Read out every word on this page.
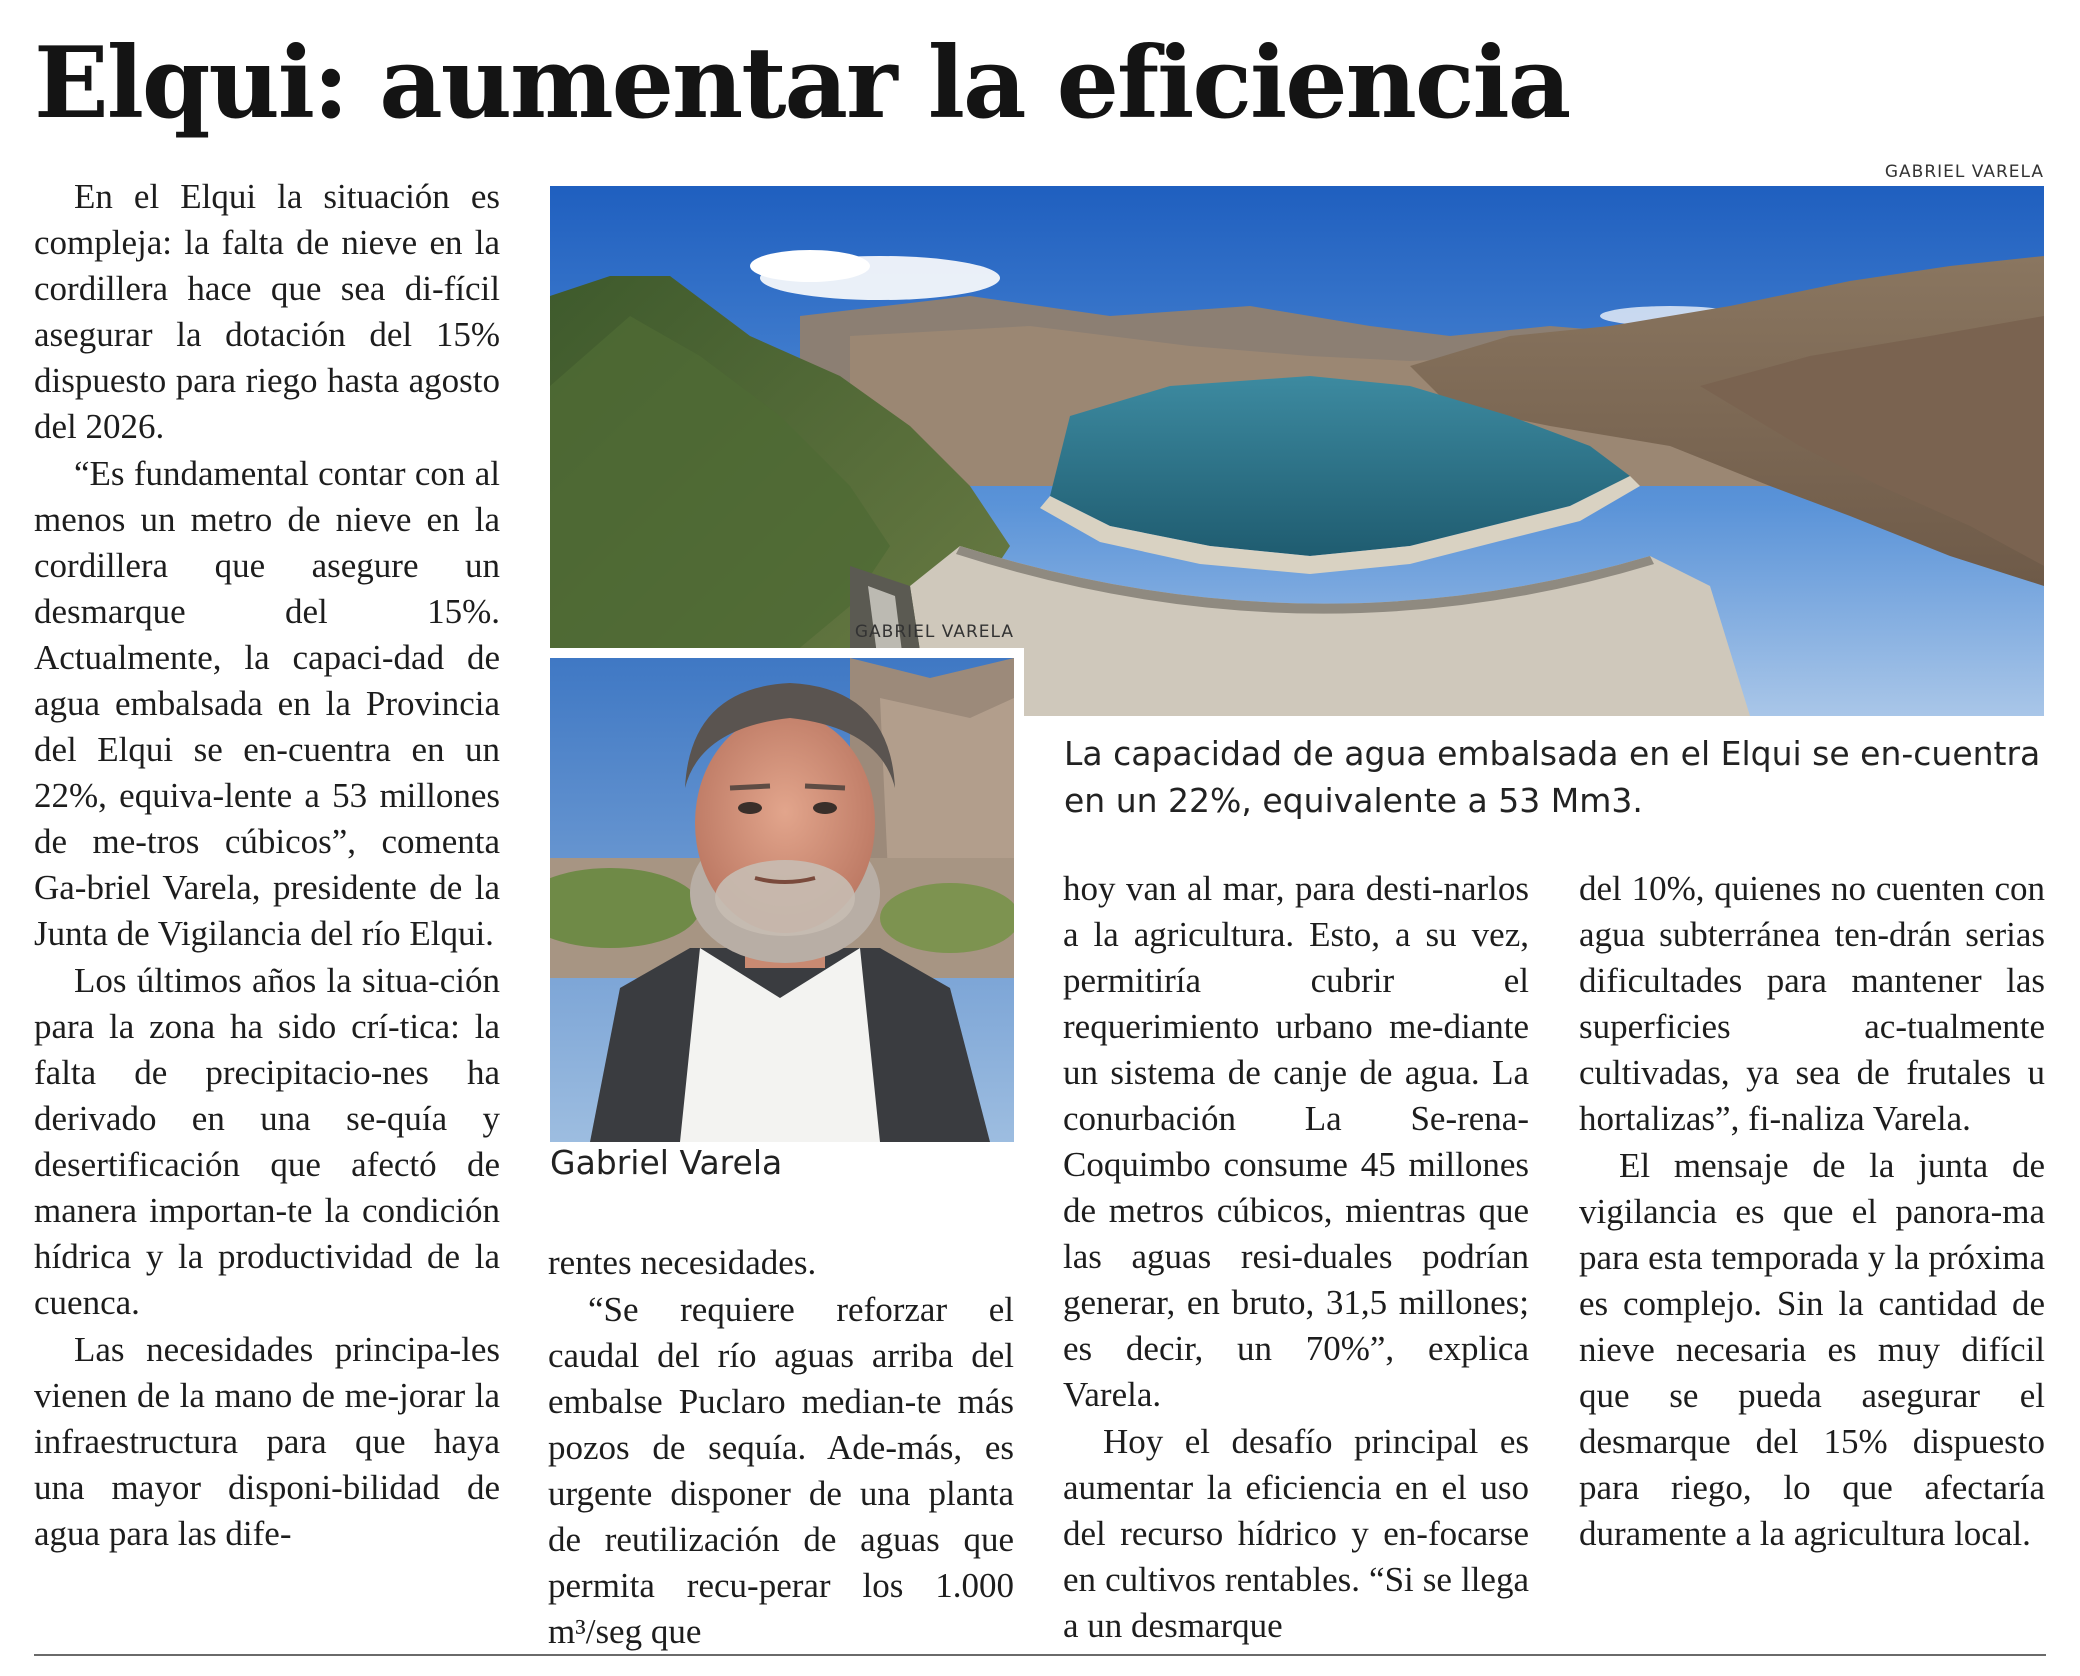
Elqui: aumentar la eficiencia

En el Elqui la situación es compleja: la falta de nieve en la cordillera hace que sea di-fícil asegurar la dotación del 15% dispuesto para riego hasta agosto del 2026.

“Es fundamental contar con al menos un metro de nieve en la cordillera que asegure un desmarque del 15%. Actualmente, la capaci-dad de agua embalsada en la Provincia del Elqui se en-cuentra en un 22%, equiva-lente a 53 millones de me-tros cúbicos”, comenta Ga-briel Varela, presidente de la Junta de Vigilancia del río Elqui.

Los últimos años la situa-ción para la zona ha sido crí-tica: la falta de precipitacio-nes ha derivado en una se-quía y desertificación que afectó de manera importan-te la condición hídrica y la productividad de la cuenca.

Las necesidades principa-les vienen de la mano de me-jorar la infraestructura para que haya una mayor disponi-bilidad de agua para las dife-

GABRIEL VARELA
GABRIEL VARELA

Gabriel Varela

La capacidad de agua embalsada en el Elqui se en-cuentra en un 22%, equivalente a 53 Mm3.

rentes necesidades.

“Se requiere reforzar el caudal del río aguas arriba del embalse Puclaro median-te más pozos de sequía. Ade-más, es urgente disponer de una planta de reutilización de aguas que permita recu-perar los 1.000 m³/seg que

hoy van al mar, para desti-narlos a la agricultura. Esto, a su vez, permitiría cubrir el requerimiento urbano me-diante un sistema de canje de agua. La conurbación La Se-rena-Coquimbo consume 45 millones de metros cúbicos, mientras que las aguas resi-duales podrían generar, en bruto, 31,5 millones; es decir, un 70%”, explica Varela.

Hoy el desafío principal es aumentar la eficiencia en el uso del recurso hídrico y en-focarse en cultivos rentables. “Si se llega a un desmarque

del 10%, quienes no cuenten con agua subterránea ten-drán serias dificultades para mantener las superficies ac-tualmente cultivadas, ya sea de frutales u hortalizas”, fi-naliza Varela.

El mensaje de la junta de vigilancia es que el panora-ma para esta temporada y la próxima es complejo. Sin la cantidad de nieve necesaria es muy difícil que se pueda asegurar el desmarque del 15% dispuesto para riego, lo que afectaría duramente a la agricultura local.
